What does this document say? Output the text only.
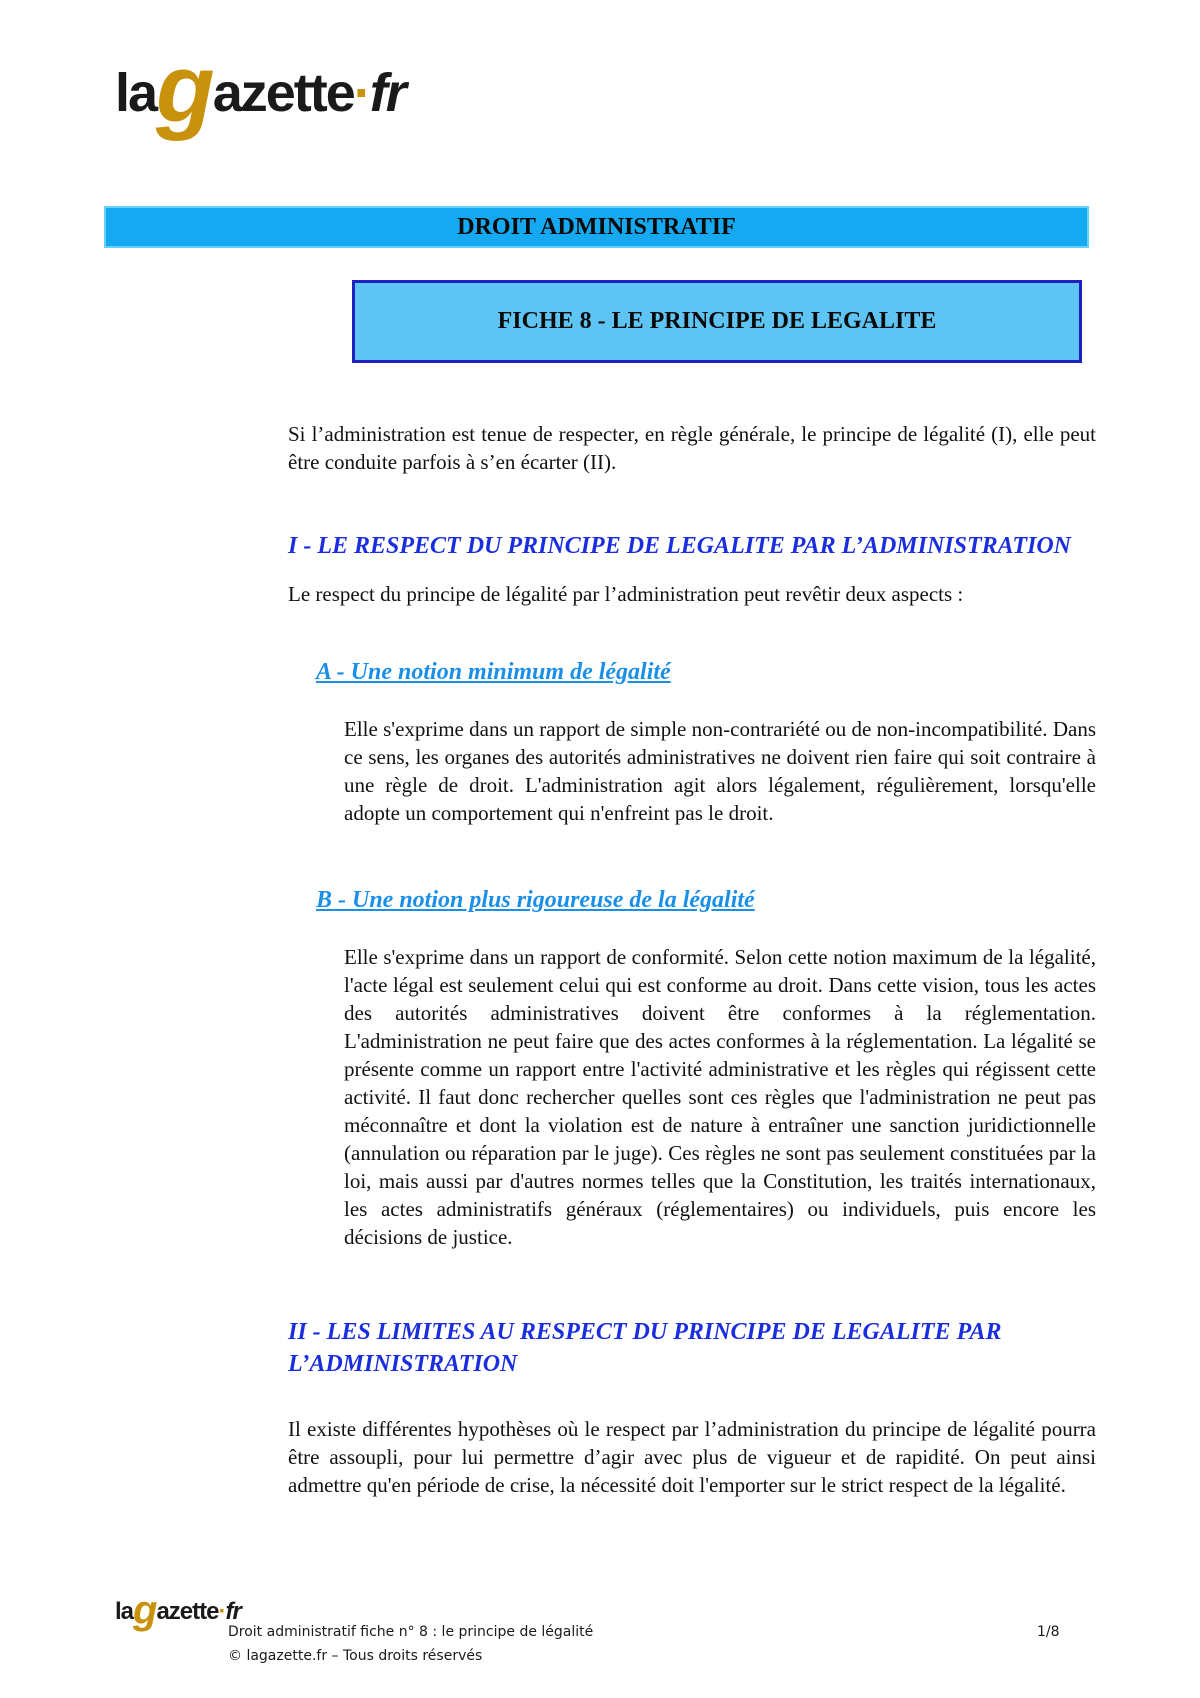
lagazette·fr
DROIT ADMINISTRATIF
FICHE 8 - LE PRINCIPE DE LEGALITE

Si l’administration est tenue de respecter, en règle générale, le principe de légalité (I), elle peut être conduite parfois à s’en écarter (II).

I - LE RESPECT DU PRINCIPE DE LEGALITE PAR L’ADMINISTRATION

Le respect du principe de légalité par l’administration peut revêtir deux aspects :

A - Une notion minimum de légalité

Elle s'exprime dans un rapport de simple non-contrariété ou de non-incompatibilité. Dans ce sens, les organes des autorités administratives ne doivent rien faire qui soit contraire à une règle de droit. L'administration agit alors légalement, régulièrement, lorsqu'elle adopte un comportement qui n'enfreint pas le droit.

B - Une notion plus rigoureuse de la légalité

Elle s'exprime dans un rapport de conformité. Selon cette notion maximum de la légalité, l'acte légal est seulement celui qui est conforme au droit. Dans cette vision, tous les actes des autorités administratives doivent être conformes à la réglementation. L'administration ne peut faire que des actes conformes à la réglementation. La légalité se présente comme un rapport entre l'activité administrative et les règles qui régissent cette activité. Il faut donc rechercher quelles sont ces règles que l'administration ne peut pas méconnaître et dont la violation est de nature à entraîner une sanction juridictionnelle (annulation ou réparation par le juge). Ces règles ne sont pas seulement constituées par la loi, mais aussi par d'autres normes telles que la Constitution, les traités internationaux, les actes administratifs généraux (réglementaires) ou individuels, puis encore les décisions de justice.

II - LES LIMITES AU RESPECT DU PRINCIPE DE LEGALITE PAR L’ADMINISTRATION

Il existe différentes hypothèses où le respect par l’administration du principe de légalité pourra être assoupli, pour lui permettre d’agir avec plus de vigueur et de rapidité. On peut ainsi admettre qu'en période de crise, la nécessité doit l'emporter sur le strict respect de la légalité.

lagazette·fr
Droit administratif fiche n° 8 : le principe de légalité	1/8
© lagazette.fr – Tous droits réservés
